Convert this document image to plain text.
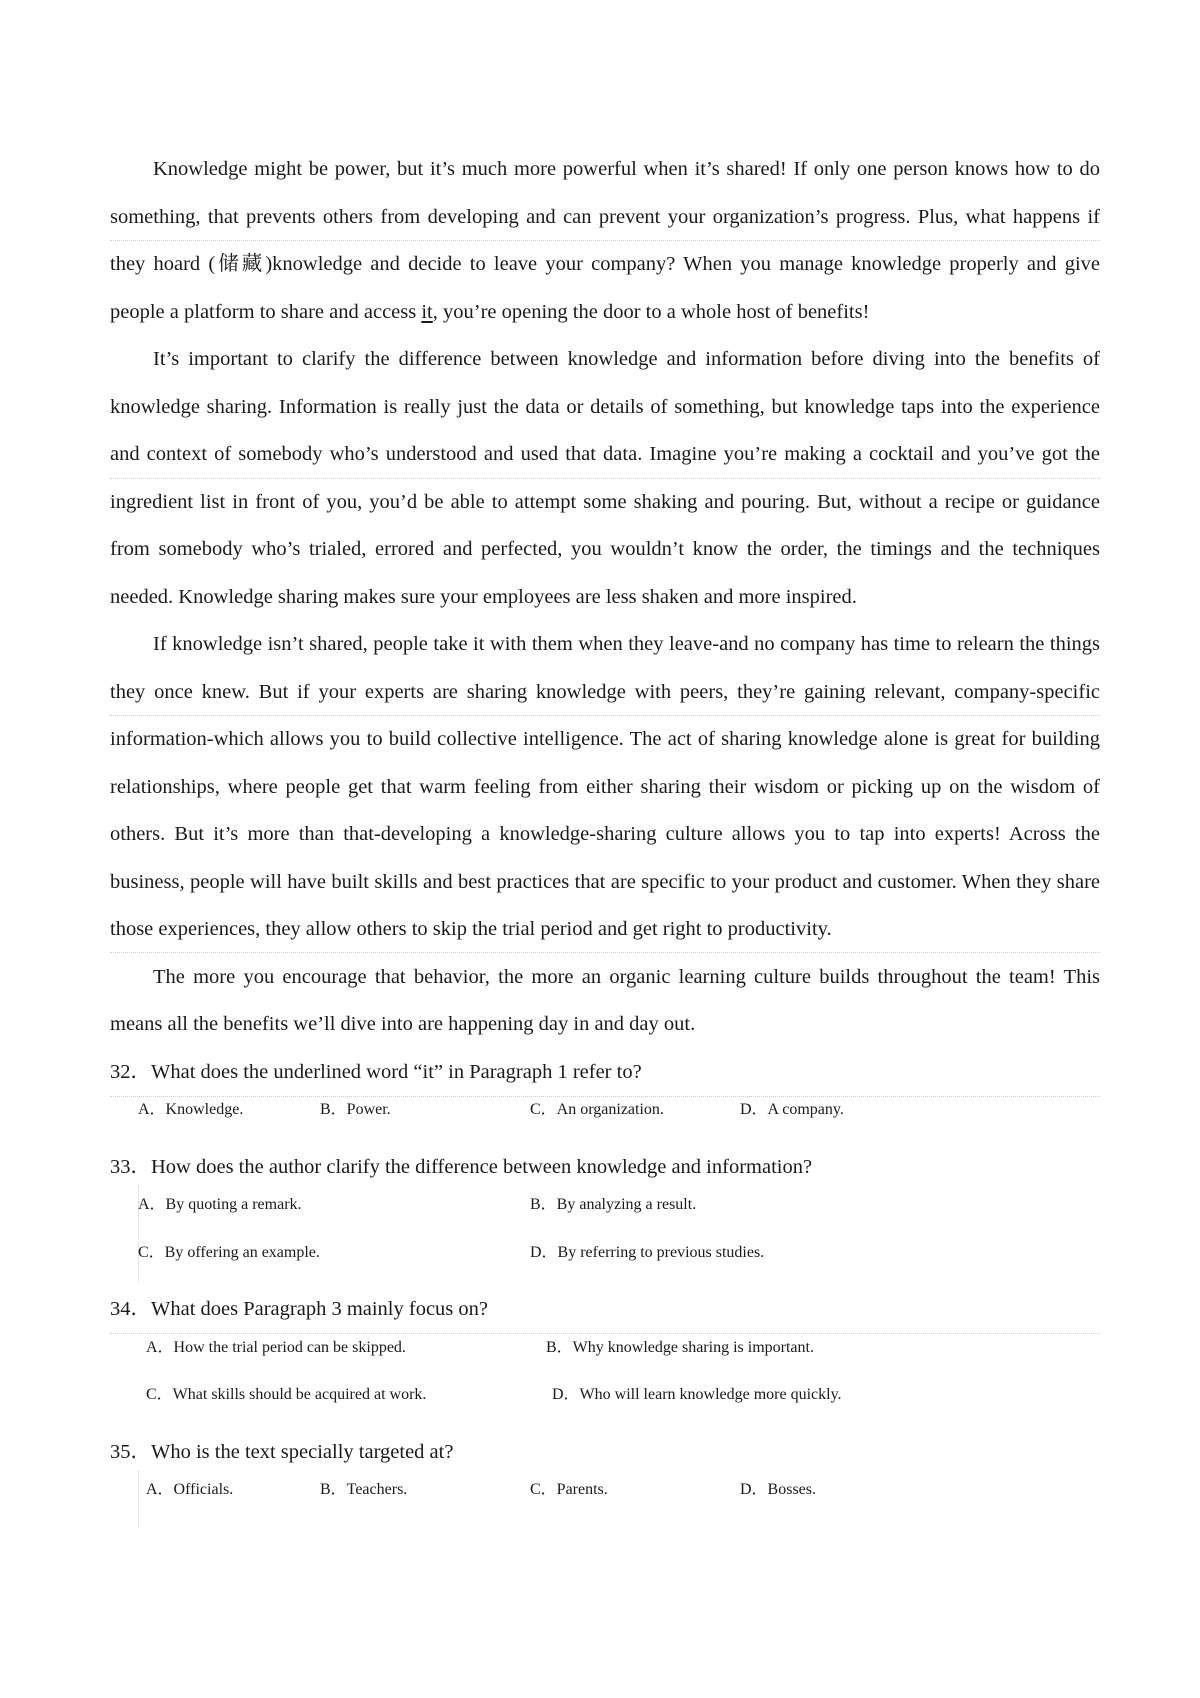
Knowledge might be power, but it’s much more powerful when it’s shared! If only one person knows how to do something, that prevents others from developing and can prevent your organization’s progress. Plus, what happens if they hoard (储藏)knowledge and decide to leave your company? When you manage knowledge properly and give people a platform to share and access it, you’re opening the door to a whole host of benefits!

It’s important to clarify the difference between knowledge and information before diving into the benefits of knowledge sharing. Information is really just the data or details of something, but knowledge taps into the experience and context of somebody who’s understood and used that data. Imagine you’re making a cocktail and you’ve got the ingredient list in front of you, you’d be able to attempt some shaking and pouring. But, without a recipe or guidance from somebody who’s trialed, errored and perfected, you wouldn’t know the order, the timings and the techniques needed. Knowledge sharing makes sure your employees are less shaken and more inspired.

If knowledge isn’t shared, people take it with them when they leave-and no company has time to relearn the things they once knew. But if your experts are sharing knowledge with peers, they’re gaining relevant, company-specific information-which allows you to build collective intelligence. The act of sharing knowledge alone is great for building relationships, where people get that warm feeling from either sharing their wisdom or picking up on the wisdom of others. But it’s more than that-developing a knowledge-sharing culture allows you to tap into experts! Across the business, people will have built skills and best practices that are specific to your product and customer. When they share those experiences, they allow others to skip the trial period and get right to productivity.

The more you encourage that behavior, the more an organic learning culture builds throughout the team! This means all the benefits we’ll dive into are happening day in and day out.

32．What does the underlined word “it” in Paragraph 1 refer to?

A．Knowledge.	B．Power.	C．An organization.	D．A company.

33．How does the author clarify the difference between knowledge and information?

A．By quoting a remark.	B．By analyzing a result.
C．By offering an example.	D．By referring to previous studies.

34．What does Paragraph 3 mainly focus on?

A．How the trial period can be skipped.	B．Why knowledge sharing is important.
C．What skills should be acquired at work.	D．Who will learn knowledge more quickly.

35．Who is the text specially targeted at?

A．Officials.	B．Teachers.	C．Parents.	D．Bosses.
